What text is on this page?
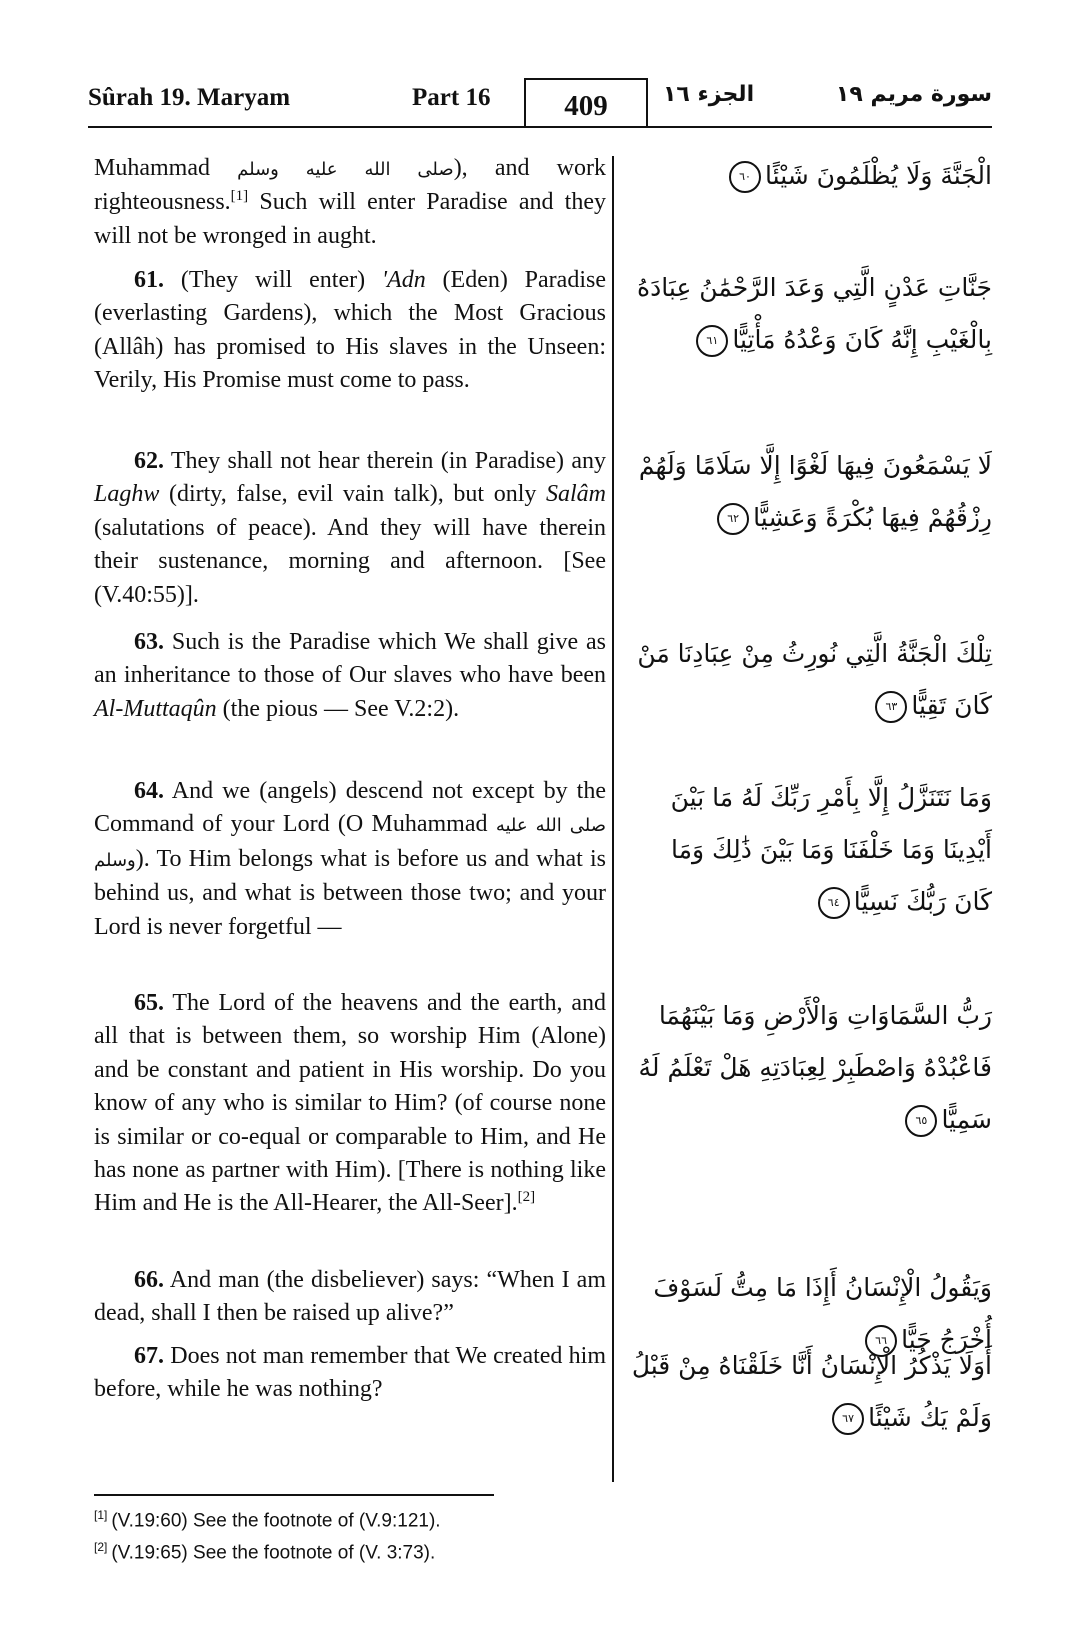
Sûrah 19. Maryam	Part 16	409	الجزء ١٦	سورة مريم ١٩
Muhammad صلى الله عليه وسلم), and work righteousness.[1] Such will enter Paradise and they will not be wronged in aught.
61. (They will enter) 'Adn (Eden) Paradise (everlasting Gardens), which the Most Gracious (Allâh) has promised to His slaves in the Unseen: Verily, His Promise must come to pass.
62. They shall not hear therein (in Paradise) any Laghw (dirty, false, evil vain talk), but only Salâm (salutations of peace). And they will have therein their sustenance, morning and afternoon. [See (V.40:55)].
63. Such is the Paradise which We shall give as an inheritance to those of Our slaves who have been Al-Muttaqûn (the pious — See V.2:2).
64. And we (angels) descend not except by the Command of your Lord (O Muhammad صلى الله عليه وسلم). To Him belongs what is before us and what is behind us, and what is between those two; and your Lord is never forgetful —
65. The Lord of the heavens and the earth, and all that is between them, so worship Him (Alone) and be constant and patient in His worship. Do you know of any who is similar to Him? (of course none is similar or co-equal or comparable to Him, and He has none as partner with Him). [There is nothing like Him and He is the All-Hearer, the All-Seer].[2]
66. And man (the disbeliever) says: “When I am dead, shall I then be raised up alive?”
67. Does not man remember that We created him before, while he was nothing?
الْجَنَّةَ وَلَا يُظْلَمُونَ شَيْئًا٦٠
جَنَّاتِ عَدْنٍ الَّتِي وَعَدَ الرَّحْمَٰنُ عِبَادَهُ بِالْغَيْبِ إِنَّهُ كَانَ وَعْدُهُ مَأْتِيًّا٦١
لَا يَسْمَعُونَ فِيهَا لَغْوًا إِلَّا سَلَامًا وَلَهُمْ رِزْقُهُمْ فِيهَا بُكْرَةً وَعَشِيًّا٦٢
تِلْكَ الْجَنَّةُ الَّتِي نُورِثُ مِنْ عِبَادِنَا مَنْ كَانَ تَقِيًّا٦٣
وَمَا نَتَنَزَّلُ إِلَّا بِأَمْرِ رَبِّكَ لَهُ مَا بَيْنَ أَيْدِينَا وَمَا خَلْفَنَا وَمَا بَيْنَ ذَٰلِكَ وَمَا كَانَ رَبُّكَ نَسِيًّا٦٤
رَبُّ السَّمَاوَاتِ وَالْأَرْضِ وَمَا بَيْنَهُمَا فَاعْبُدْهُ وَاصْطَبِرْ لِعِبَادَتِهِ هَلْ تَعْلَمُ لَهُ سَمِيًّا٦٥
وَيَقُولُ الْإِنْسَانُ أَإِذَا مَا مِتُّ لَسَوْفَ أُخْرَجُ حَيًّا٦٦
أَوَلَا يَذْكُرُ الْإِنْسَانُ أَنَّا خَلَقْنَاهُ مِنْ قَبْلُ وَلَمْ يَكُ شَيْئًا٦٧
[1] (V.19:60) See the footnote of (V.9:121).
[2] (V.19:65) See the footnote of (V. 3:73).
